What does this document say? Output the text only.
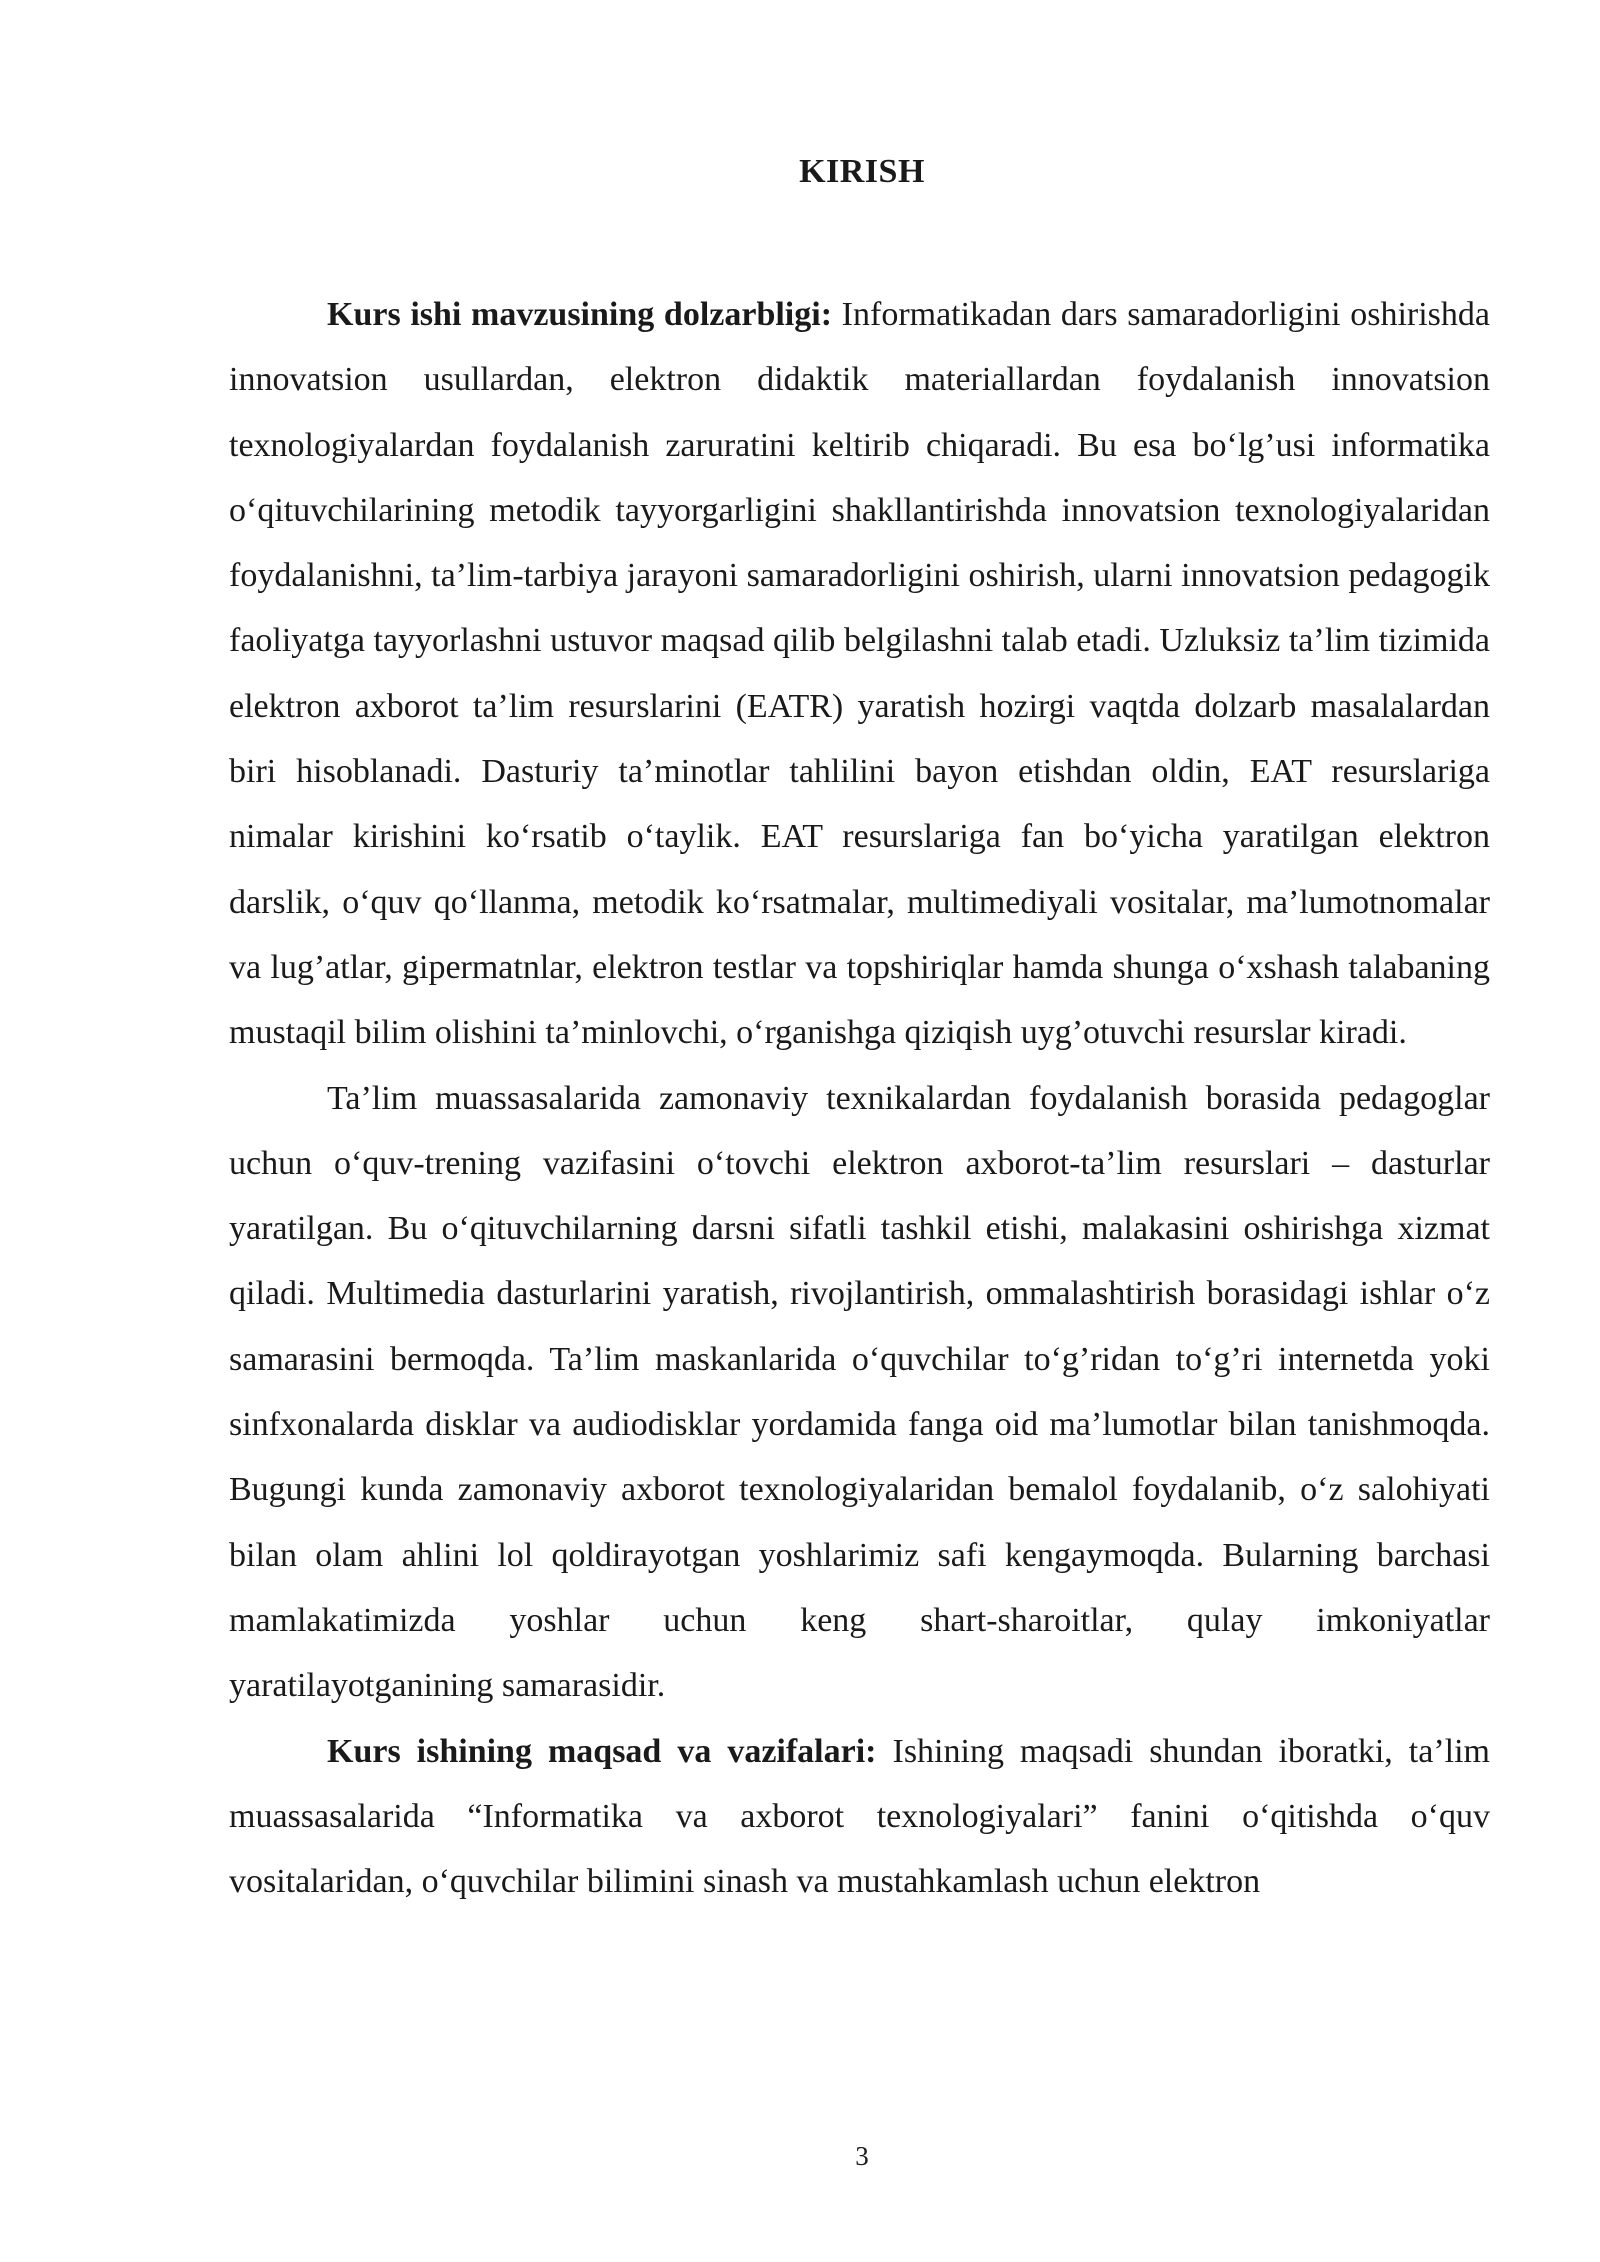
KIRISH

Kurs ishi mavzusining dolzarbligi: Informatikadan dars samaradorligini oshirishda innovatsion usullardan, elektron didaktik materiallardan foydalanish innovatsion texnologiyalardan foydalanish zaruratini keltirib chiqaradi. Bu esa bo‘lg’usi informatika o‘qituvchilarining metodik tayyorgarligini shakllantirishda innovatsion texnologiyalaridan foydalanishni, ta’lim-tarbiya jarayoni samaradorligini oshirish, ularni innovatsion pedagogik faoliyatga tayyorlashni ustuvor maqsad qilib belgilashni talab etadi. Uzluksiz ta’lim tizimida elektron axborot ta’lim resurslarini (EATR) yaratish hozirgi vaqtda dolzarb masalalardan biri hisoblanadi. Dasturiy ta’minotlar tahlilini bayon etishdan oldin, EAT resurslariga nimalar kirishini ko‘rsatib o‘taylik. EAT resurslariga fan bo‘yicha yaratilgan elektron darslik, o‘quv qo‘llanma, metodik ko‘rsatmalar, multimediyali vositalar, ma’lumotnomalar va lug’atlar, gipermatnlar, elektron testlar va topshiriqlar hamda shunga o‘xshash talabaning mustaqil bilim olishini ta’minlovchi, o‘rganishga qiziqish uyg’otuvchi resurslar kiradi.

Ta’lim muassasalarida zamonaviy texnikalardan foydalanish borasida pedagoglar uchun o‘quv-trening vazifasini o‘tovchi elektron axborot-ta’lim resurslari – dasturlar yaratilgan. Bu o‘qituvchilarning darsni sifatli tashkil etishi, malakasini oshirishga xizmat qiladi. Multimedia dasturlarini yaratish, rivojlantirish, ommalashtirish borasidagi ishlar o‘z samarasini bermoqda. Ta’lim maskanlarida o‘quvchilar to‘g’ridan to‘g’ri internetda yoki sinfxonalarda disklar va audiodisklar yordamida fanga oid ma’lumotlar bilan tanishmoqda. Bugungi kunda zamonaviy axborot texnologiyalaridan bemalol foydalanib, o‘z salohiyati bilan olam ahlini lol qoldirayotgan yoshlarimiz safi kengaymoqda. Bularning barchasi mamlakatimizda yoshlar uchun keng shart-sharoitlar, qulay imkoniyatlar yaratilayotganining samarasidir.

Kurs ishining maqsad va vazifalari: Ishining maqsadi shundan iboratki, ta’lim muassasalarida “Informatika va axborot texnologiyalari” fanini o‘qitishda o‘quv vositalaridan, o‘quvchilar bilimini sinash va mustahkamlash uchun elektron

3
